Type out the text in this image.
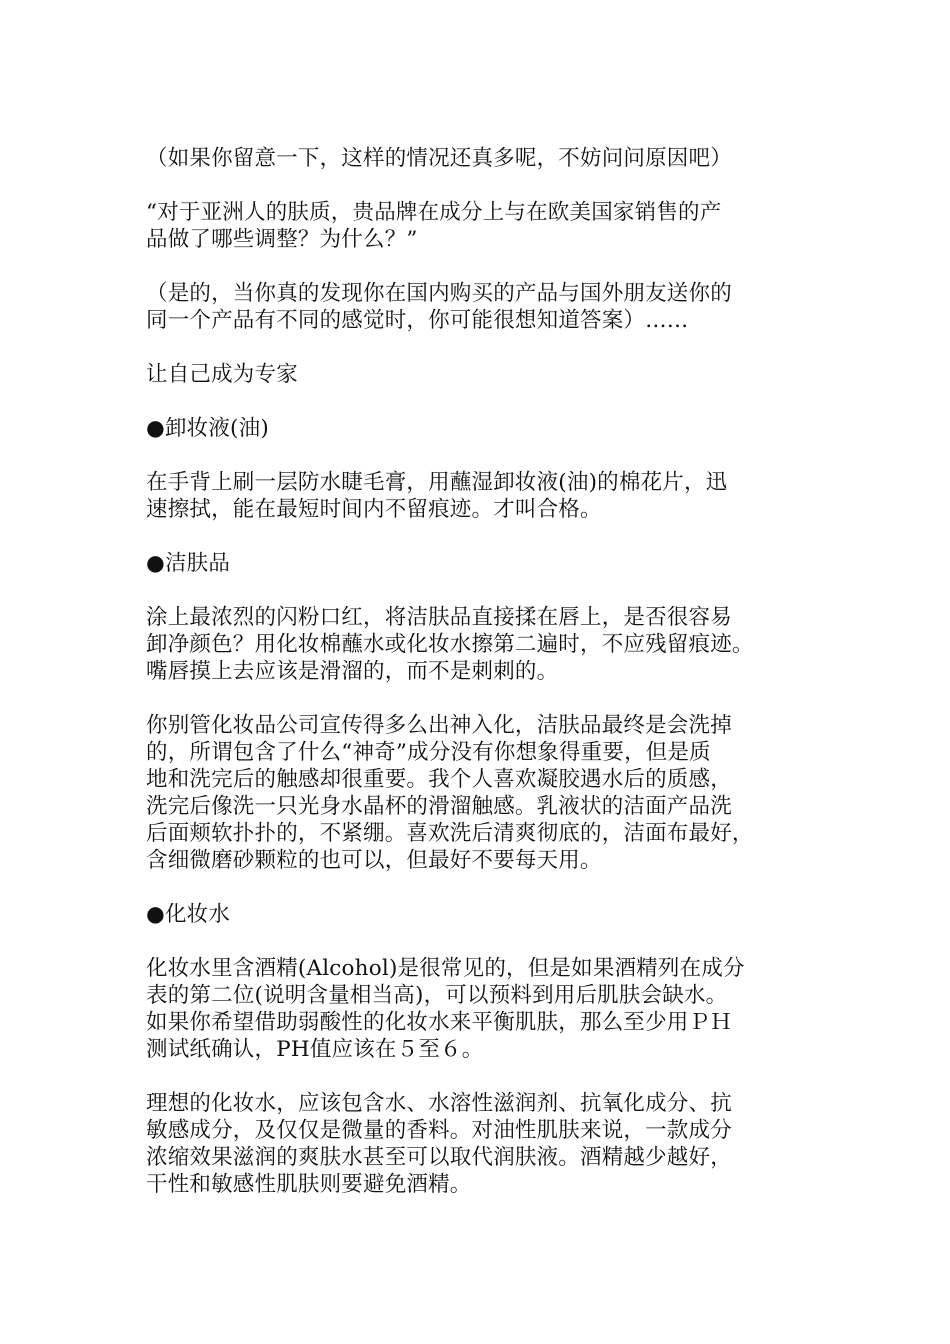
（如果你留意一下，这样的情况还真多呢，不妨问问原因吧）

“对于亚洲人的肤质，贵品牌在成分上与在欧美国家销售的产
品做了哪些调整？为什么？”

（是的，当你真的发现你在国内购买的产品与国外朋友送你的
同一个产品有不同的感觉时，你可能很想知道答案）……

让自己成为专家

●卸妆液(油)

在手背上刷一层防水睫毛膏，用蘸湿卸妆液(油)的棉花片，迅
速擦拭，能在最短时间内不留痕迹。才叫合格。

●洁肤品

涂上最浓烈的闪粉口红，将洁肤品直接揉在唇上，是否很容易
卸净颜色？用化妆棉蘸水或化妆水擦第二遍时，不应残留痕迹。
嘴唇摸上去应该是滑溜的，而不是刺刺的。

你别管化妆品公司宣传得多么出神入化，洁肤品最终是会洗掉
的，所谓包含了什么“神奇”成分没有你想象得重要，但是质
地和洗完后的触感却很重要。我个人喜欢凝胶遇水后的质感，
洗完后像洗一只光身水晶杯的滑溜触感。乳液状的洁面产品洗
后面颊软扑扑的，不紧绷。喜欢洗后清爽彻底的，洁面布最好，
含细微磨砂颗粒的也可以，但最好不要每天用。

●化妆水

化妆水里含酒精(Alcohol)是很常见的，但是如果酒精列在成分
表的第二位(说明含量相当高)，可以预料到用后肌肤会缺水。
如果你希望借助弱酸性的化妆水来平衡肌肤，那么至少用ＰＨ
测试纸确认，PH值应该在５至６。

理想的化妆水，应该包含水、水溶性滋润剂、抗氧化成分、抗
敏感成分，及仅仅是微量的香料。对油性肌肤来说，一款成分
浓缩效果滋润的爽肤水甚至可以取代润肤液。酒精越少越好，
干性和敏感性肌肤则要避免酒精。
